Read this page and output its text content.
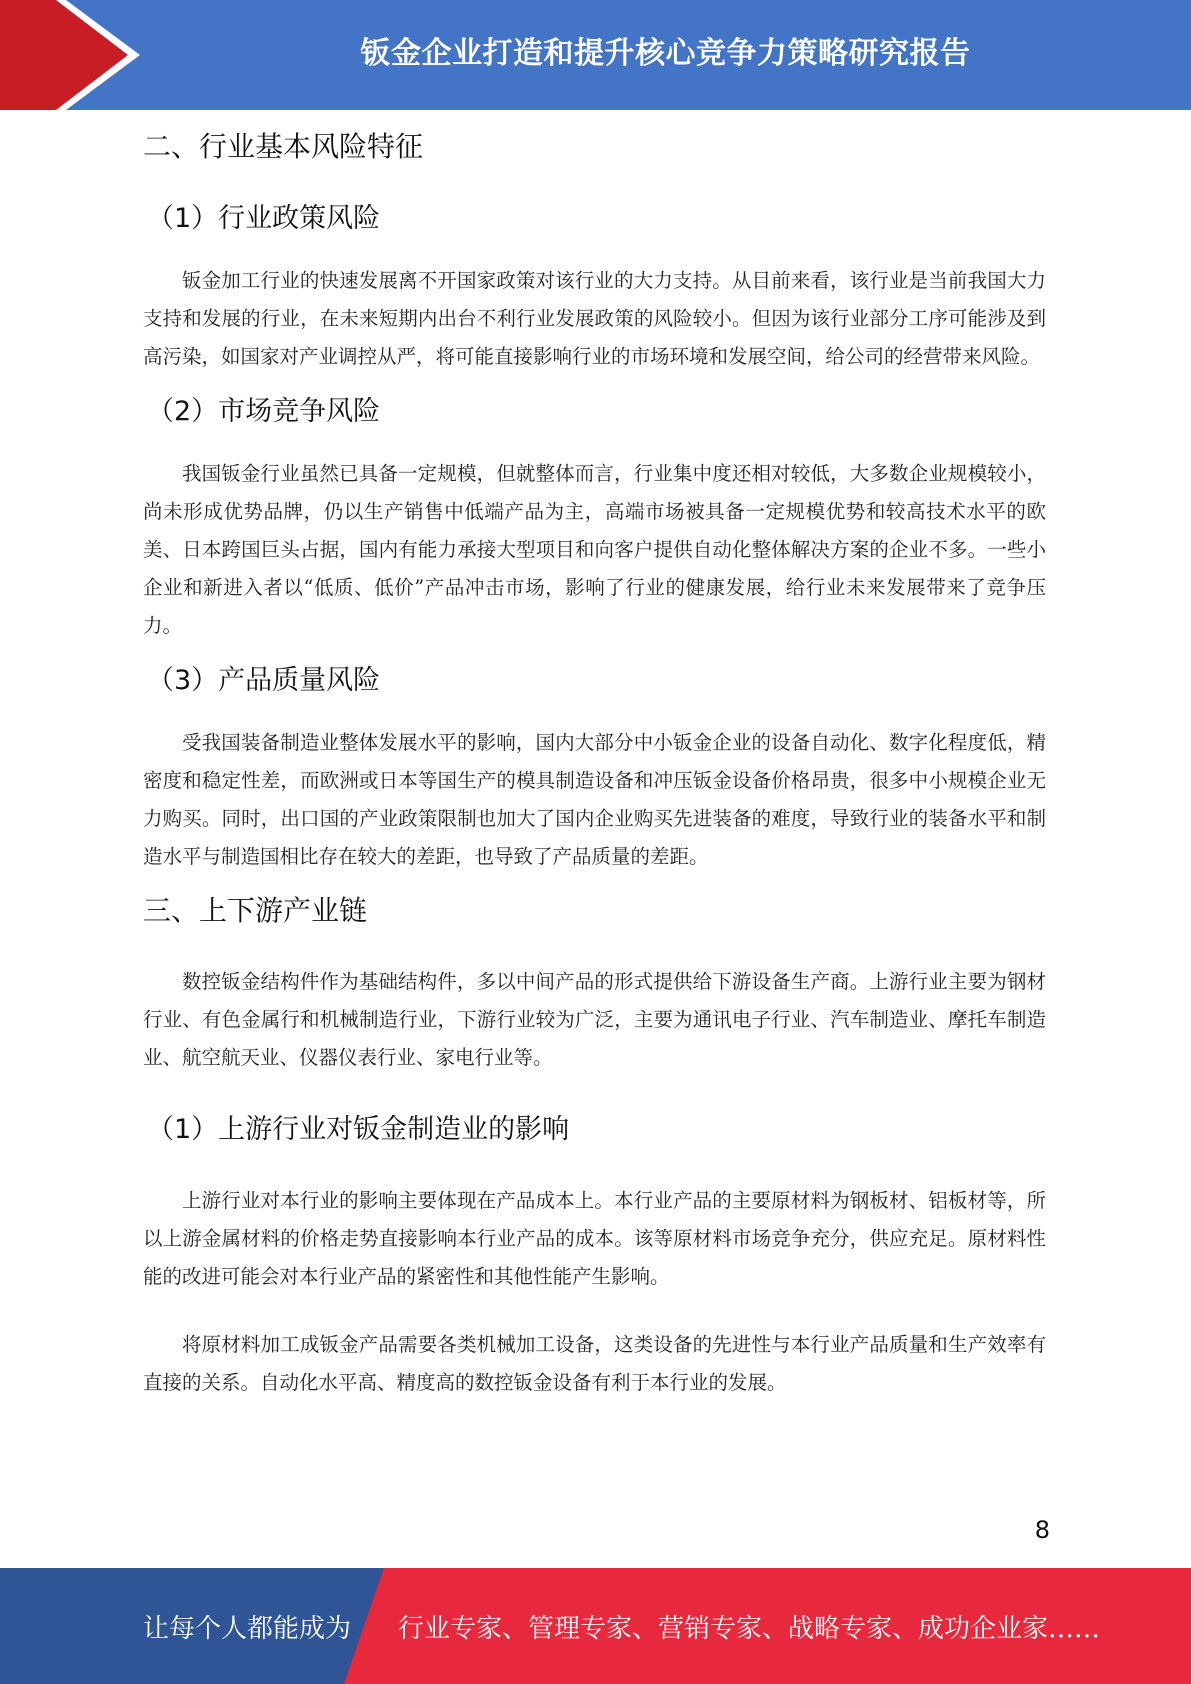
钣金企业打造和提升核心竞争力策略研究报告
二、行业基本风险特征
（1）行业政策风险

钣金加工行业的快速发展离不开国家政策对该行业的大力支持。从目前来看，该行业是当前我国大力支持和发展的行业，在未来短期内出台不利行业发展政策的风险较小。但因为该行业部分工序可能涉及到高污染，如国家对产业调控从严，将可能直接影响行业的市场环境和发展空间，给公司的经营带来风险。

（2）市场竞争风险

我国钣金行业虽然已具备一定规模，但就整体而言，行业集中度还相对较低，大多数企业规模较小，尚未形成优势品牌，仍以生产销售中低端产品为主，高端市场被具备一定规模优势和较高技术水平的欧美、日本跨国巨头占据，国内有能力承接大型项目和向客户提供自动化整体解决方案的企业不多。一些小企业和新进入者以“低质、低价”产品冲击市场，影响了行业的健康发展，给行业未来发展带来了竞争压力。

（3）产品质量风险

受我国装备制造业整体发展水平的影响，国内大部分中小钣金企业的设备自动化、数字化程度低，精密度和稳定性差，而欧洲或日本等国生产的模具制造设备和冲压钣金设备价格昂贵，很多中小规模企业无力购买。同时，出口国的产业政策限制也加大了国内企业购买先进装备的难度，导致行业的装备水平和制造水平与制造国相比存在较大的差距，也导致了产品质量的差距。

三、上下游产业链

数控钣金结构件作为基础结构件，多以中间产品的形式提供给下游设备生产商。上游行业主要为钢材行业、有色金属行和机械制造行业，下游行业较为广泛，主要为通讯电子行业、汽车制造业、摩托车制造业、航空航天业、仪器仪表行业、家电行业等。

（1）上游行业对钣金制造业的影响

上游行业对本行业的影响主要体现在产品成本上。本行业产品的主要原材料为钢板材、铝板材等，所以上游金属材料的价格走势直接影响本行业产品的成本。该等原材料市场竞争充分，供应充足。原材料性能的改进可能会对本行业产品的紧密性和其他性能产生影响。

将原材料加工成钣金产品需要各类机械加工设备，这类设备的先进性与本行业产品质量和生产效率有直接的关系。自动化水平高、精度高的数控钣金设备有利于本行业的发展。

8
让每个人都能成为 行业专家、管理专家、营销专家、战略专家、成功企业家……
